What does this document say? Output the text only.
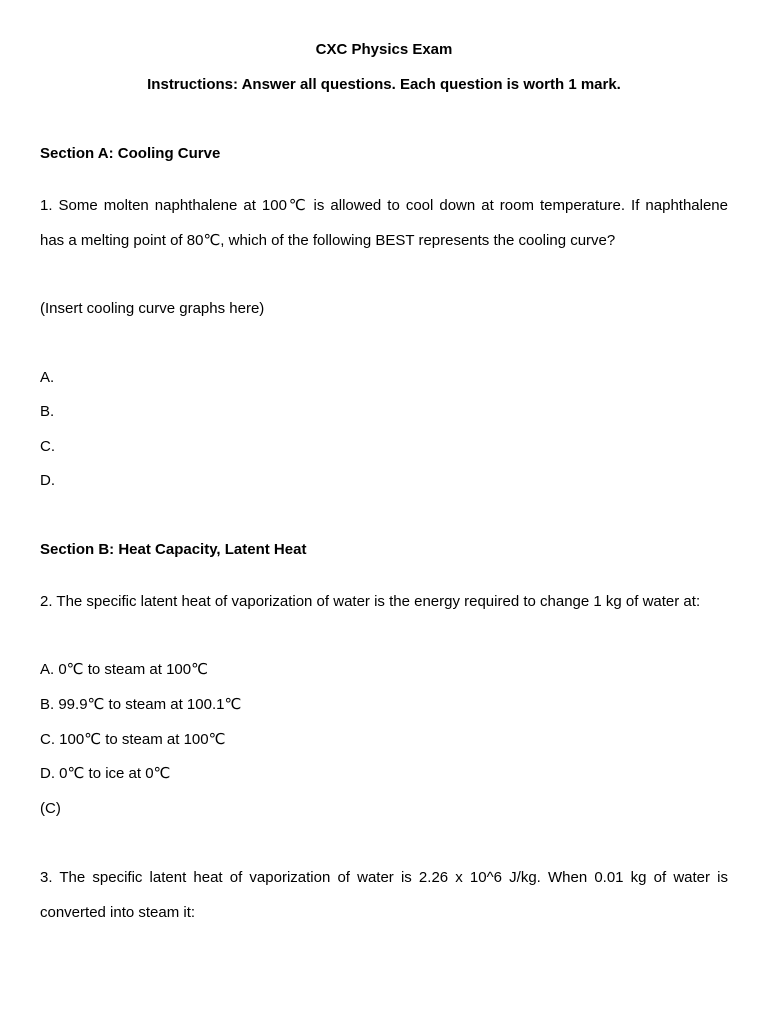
CXC Physics Exam
Instructions: Answer all questions. Each question is worth 1 mark.
Section A: Cooling Curve
1. Some molten naphthalene at 100℃ is allowed to cool down at room temperature. If naphthalene
has a melting point of 80℃, which of the following BEST represents the cooling curve?
(Insert cooling curve graphs here)
A.
B.
C.
D.
Section B: Heat Capacity, Latent Heat
2. The specific latent heat of vaporization of water is the energy required to change 1 kg of water at:
A. 0℃ to steam at 100℃
B. 99.9℃ to steam at 100.1℃
C. 100℃ to steam at 100℃
D. 0℃ to ice at 0℃
(C)
3. The specific latent heat of vaporization of water is 2.26 x 10^6 J/kg. When 0.01 kg of water is
converted into steam it:
